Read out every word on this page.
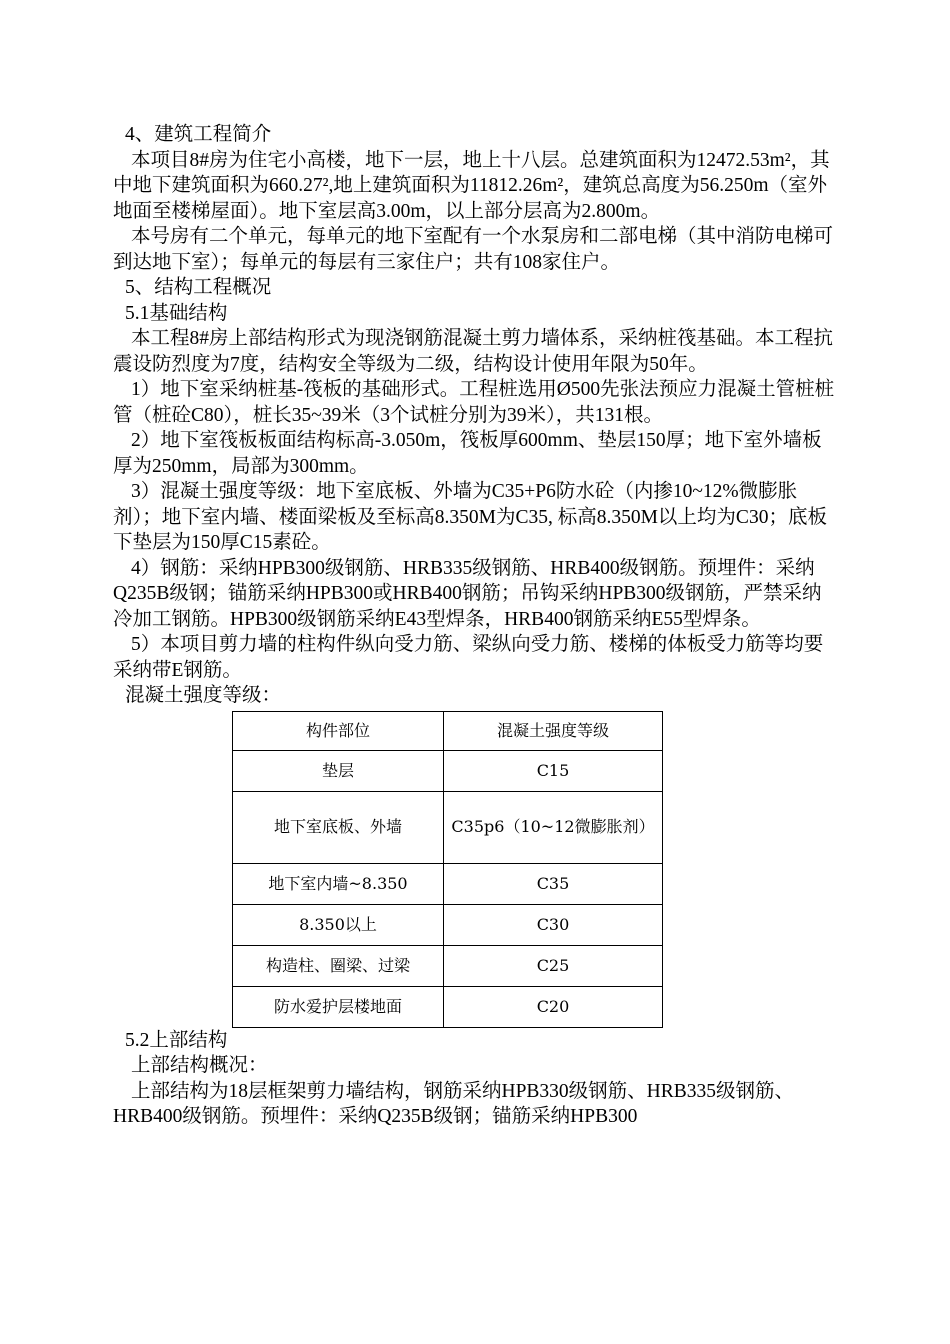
4、建筑工程简介

本项目8#房为住宅小高楼，地下一层，地上十八层。总建筑面积为12472.53m²，其中地下建筑面积为660.27²,地上建筑面积为11812.26m²，建筑总高度为56.250m（室外地面至楼梯屋面）。地下室层高3.00m，以上部分层高为2.800m。

本号房有二个单元，每单元的地下室配有一个水泵房和二部电梯（其中消防电梯可到达地下室）；每单元的每层有三家住户；共有108家住户。

5、结构工程概况

5.1基础结构

本工程8#房上部结构形式为现浇钢筋混凝土剪力墙体系，采纳桩筏基础。本工程抗震设防烈度为7度，结构安全等级为二级，结构设计使用年限为50年。

1）地下室采纳桩基-筏板的基础形式。工程桩选用Ø500先张法预应力混凝土管桩桩管（桩砼C80），桩长35~39米（3个试桩分别为39米），共131根。

2）地下室筏板板面结构标高-3.050m，筏板厚600mm、垫层150厚；地下室外墙板厚为250mm，局部为300mm。

3）混凝土强度等级：地下室底板、外墙为C35+P6防水砼（内掺10~12%微膨胀剂）；地下室内墙、楼面梁板及至标高8.350M为C35, 标高8.350M以上均为C30；底板下垫层为150厚C15素砼。

4）钢筋：采纳HPB300级钢筋、HRB335级钢筋、HRB400级钢筋。预埋件：采纳Q235B级钢；锚筋采纳HPB300或HRB400钢筋；吊钩采纳HPB300级钢筋，严禁采纳冷加工钢筋。HPB300级钢筋采纳E43型焊条，HRB400钢筋采纳E55型焊条。

5）本项目剪力墙的柱构件纵向受力筋、梁纵向受力筋、楼梯的体板受力筋等均要采纳带E钢筋。

混凝土强度等级：

构件部位	混凝土强度等级
垫层	C15
地下室底板、外墙	C35p6（10~12微膨胀剂）
地下室内墙~8.350	C35
8.350以上	C30
构造柱、圈梁、过梁	C25
防水爱护层楼地面	C20

5.2上部结构

上部结构概况：

上部结构为18层框架剪力墙结构，钢筋采纳HPB330级钢筋、HRB335级钢筋、HRB400级钢筋。预埋件：采纳Q235B级钢；锚筋采纳HPB300
